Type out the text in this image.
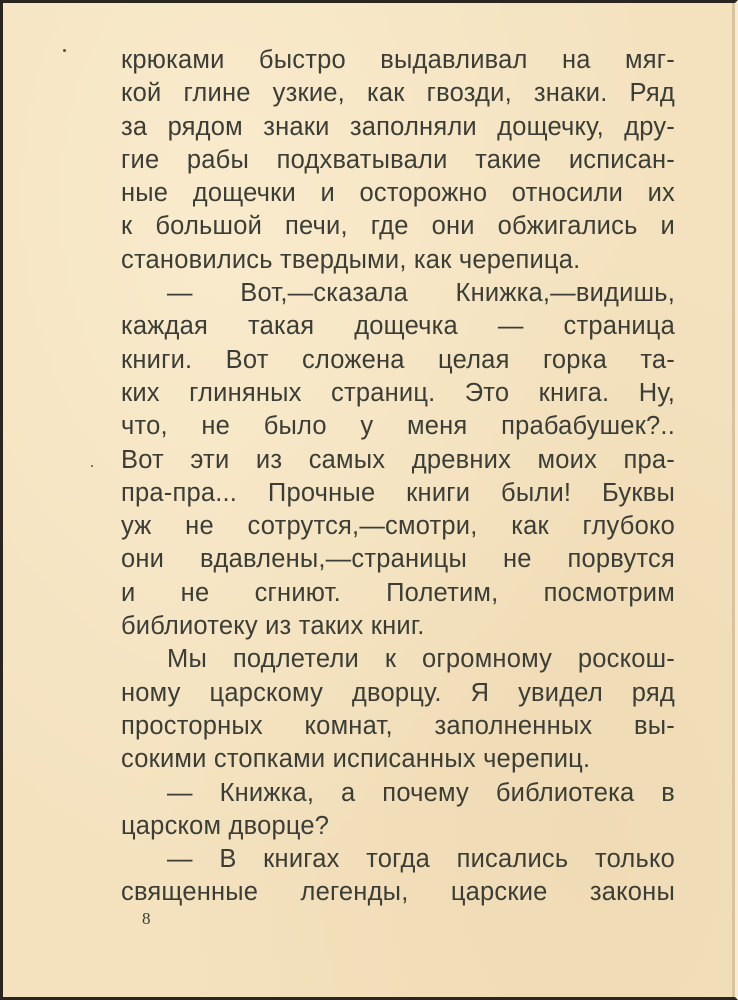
крюками быстро выдавливал на мяг-
кой глине узкие, как гвозди, знаки. Ряд
за рядом знаки заполняли дощечку, дру-
гие рабы подхватывали такие исписан-
ные дощечки и осторожно относили их
к большой печи, где они обжигались и
становились твердыми, как черепица.
— Вот,—сказала Книжка,—видишь,
каждая такая дощечка — страница
книги. Вот сложена целая горка та-
ких глиняных страниц. Это книга. Ну,
что, не было у меня прабабушек?..
Вот эти из самых древних моих пра-
пра-пра... Прочные книги были! Буквы
уж не сотрутся,—смотри, как глубоко
они вдавлены,—страницы не порвутся
и не сгниют. Полетим, посмотрим
библиотеку из таких книг.
Мы подлетели к огромному роскош-
ному царскому дворцу. Я увидел ряд
просторных комнат, заполненных вы-
сокими стопками исписанных черепиц.
— Книжка, а почему библиотека в
царском дворце?
— В книгах тогда писались только
священные легенды, царские законы
8
